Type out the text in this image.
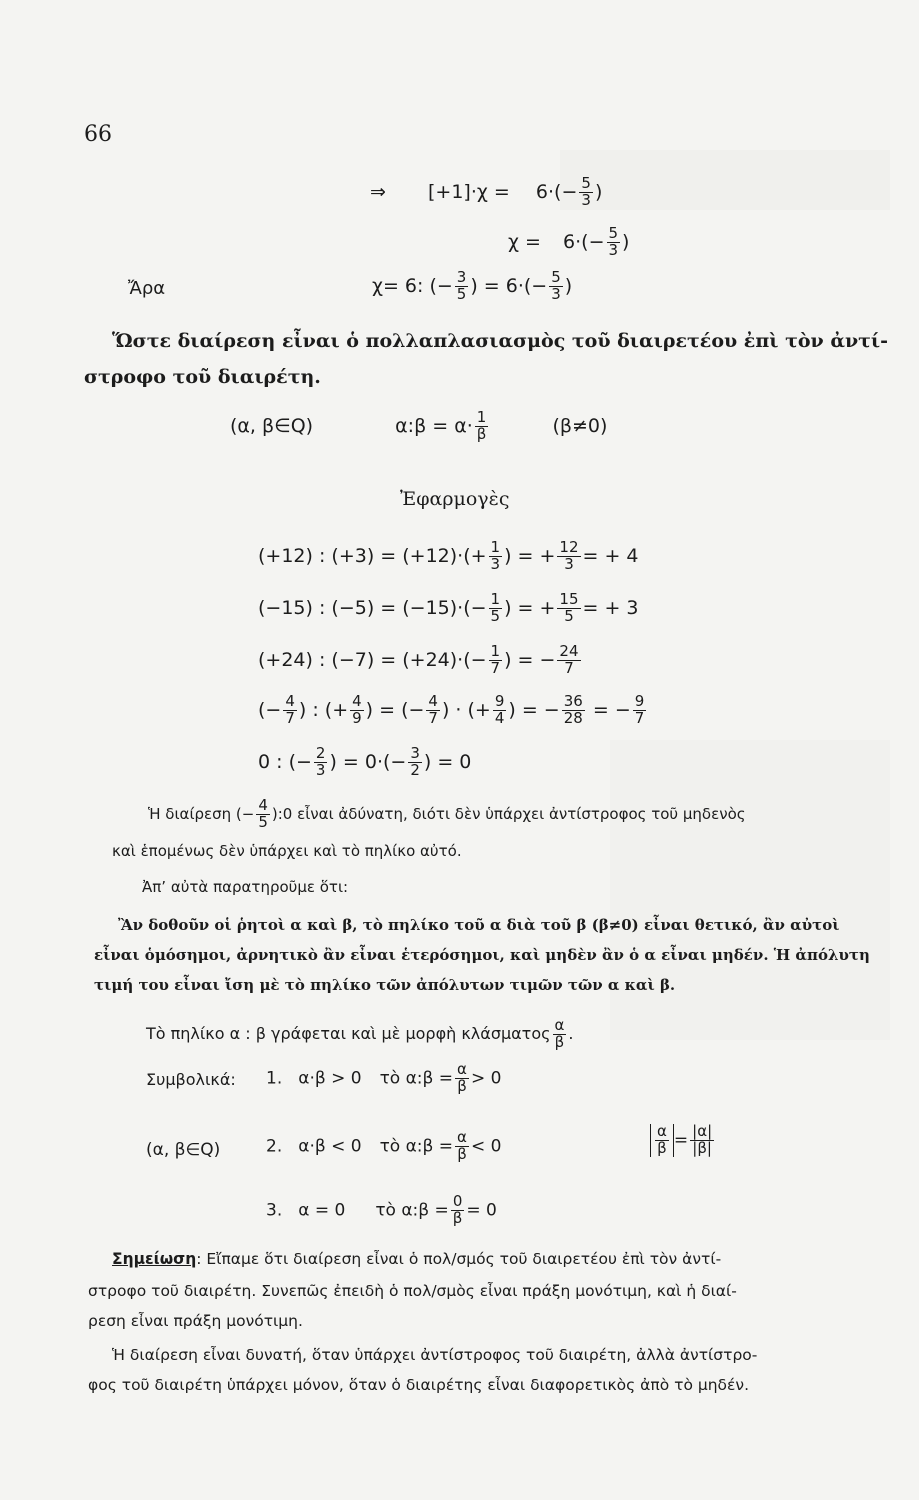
66
⇒ $[+1]\cdot\chi = 6\cdot(- \frac{5}{3}$ )
$\chi = 6\cdot(- \frac{5}{3}$ )
Ἄρα	χ= 6: (− $\frac{3}{5}$ ) = $6\cdot(- \frac{5}{3}$ )
Ὥστε διαίρεση εἶναι ὁ πολλαπλασιασμὸς τοῦ διαιρετέου ἐπὶ τὸν ἀντί-
στροφο τοῦ διαιρέτη.
(α, β∈Q)	α:β = $\alpha\cdot \frac{1}{\beta}$	(β≠0)
Ἐφαρμογὲς
(+12) : $(+3) = (+12)\cdot(+ \frac{1}{3}$ ) = + $\frac{12}{3}$ = + 4
(−15) : $(-5) = (-15)\cdot(- \frac{1}{5}$ ) = + $\frac{15}{5}$ = + 3
(+24) : $(-7) = (+24)\cdot(- \frac{1}{7}$ ) = − $\frac{24}{7}$
(− $\frac{4}{7}$ ) : (+ $\frac{4}{9}$ ) = (− $\frac{4}{7}$ ) · (+ $\frac{9}{4}$ ) = − $\frac{36}{28}$ = − $\frac{9}{7}$
0 : (− $\frac{2}{3}$ ) = $0\cdot(- \frac{3}{2}$ ) = 0
Ἡ διαίρεση (− $\frac{4}{5}$ ):0 εἶναι ἀδύνατη, διότι δὲν ὑπάρχει ἀντίστροφος τοῦ μηδενὸς
καὶ ἑπομένως δὲν ὑπάρχει καὶ τὸ πηλίκο αὐτό.
Ἀπ’ αὐτὰ παρατηροῦμε ὅτι:
Ἂν δοθοῦν οἱ ῥητοὶ α καὶ β, τὸ πηλίκο τοῦ α διὰ τοῦ β (β≠0) εἶναι θετικό, ἂν αὐτοὶ
εἶναι ὁμόσημοι, ἀρνητικὸ ἂν εἶναι ἑτερόσημοι, καὶ μηδὲν ἂν ὁ α εἶναι μηδέν. Ἡ ἀπόλυτη
τιμή του εἶναι ἴση μὲ τὸ πηλίκο τῶν ἀπόλυτων τιμῶν τῶν α καὶ β.
Τὸ πηλίκο α : β γράφεται καὶ μὲ μορφὴ κλάσματος $\frac{\alpha}{\beta}$ .
Συμβολικά:
(α, β∈Q)
1. α·β > 0 τὸ α:β = $\frac{\alpha}{\beta} > 0$
2. α·β < 0 τὸ α:β = $\frac{\alpha}{\beta} < 0$
3. α = 0 τὸ α:β = $\frac{0}{\beta} = 0$
$\frac{\alpha}{\beta} = \frac{|\alpha|}{|\beta|}$
Σημείωση: Εἴπαμε ὅτι διαίρεση εἶναι ὁ πολ/σμός τοῦ διαιρετέου ἐπὶ τὸν ἀντί-
στροφο τοῦ διαιρέτη. Συνεπῶς ἐπειδὴ ὁ πολ/σμὸς εἶναι πράξη μονότιμη, καὶ ἡ διαί-
ρεση εἶναι πράξη μονότιμη.
Ἡ διαίρεση εἶναι δυνατή, ὅταν ὑπάρχει ἀντίστροφος τοῦ διαιρέτη, ἀλλὰ ἀντίστρο-
φος τοῦ διαιρέτη ὑπάρχει μόνον, ὅταν ὁ διαιρέτης εἶναι διαφορετικὸς ἀπὸ τὸ μηδέν.
